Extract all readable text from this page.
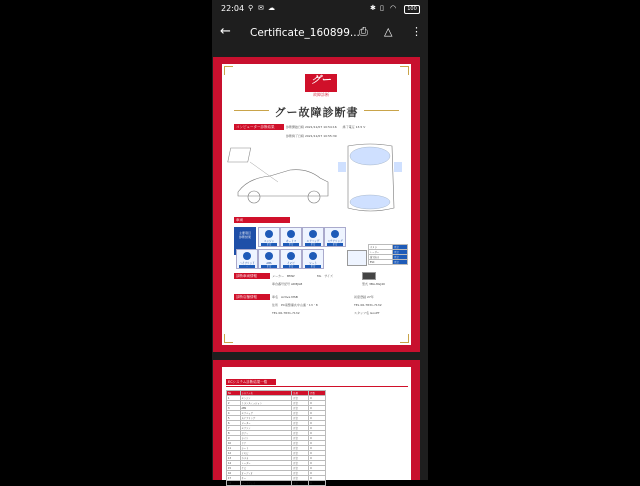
22:04 ⚲ ✉ ☁	✱ ▯ ◠	100
← Certificate_160899... ⎙ △ ⋮
グー
故障診断
グー故障診断書
コンピューター診断結果	診断開始日時 2021/11/07 10:54:16　　終了電圧 13.5 V
診断終了日時 2021/11/07 10:55:39
車両

主要項目
診断結果
エンジン
正常
オートマ
正常
エアバッグ
正常
ステアリング
正常
ハイブリッド
-
ABS
正常
イモビ
正常
シート
正常
カメラ	正常
レーダー	正常
衝突防止	正常
ESC	正常
診断車両情報	メーカー　BMW	ML　サイズ
車台番号記号 AD8JG8	型式 3BA-8GJ40
診断店舗情報	車名　Active MSB
住所　PC南整備丸中山連・13・8
TEL 06-7831-7132
初度登録 27年
TEL 06-7831-7132
スタッフ名 GooPT
ECシステム診断結果一覧
No	システム名	結果	件数
1	エンジン	正常	0
2	トランスミッション	正常	0
3	ABS	正常	0
4	エアバッグ	正常	0
5	ステアリング	正常	0
6	メーター	正常	0
7	エアコン	正常	0
8	ボディ	正常	0
9	ライト	正常	0
10	ドア	正常	0
11	シート	正常	0
12	イモビ	正常	0
13	カメラ	正常	0
14	レーダー	正常	0
15	ナビ	正常	0
16	オーディオ	正常	0
17	キー	正常	0
18	ゲートウェイ	正常	0
